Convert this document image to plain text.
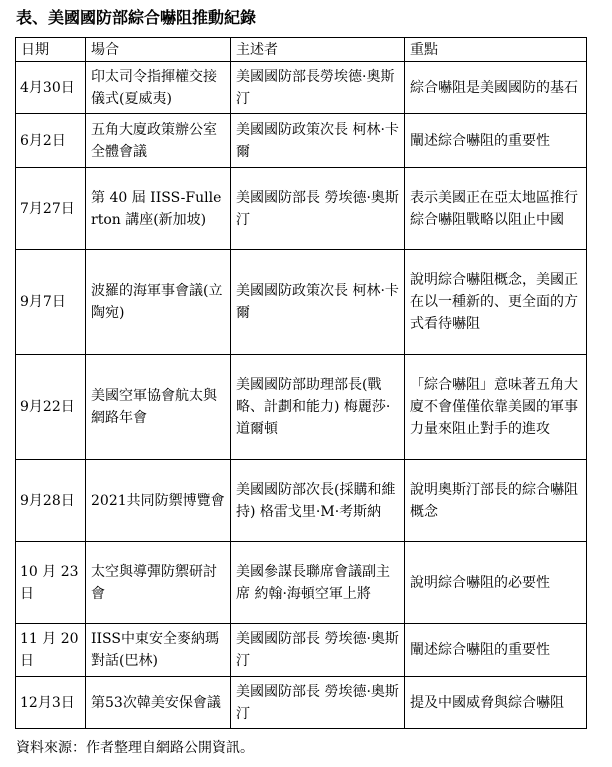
表、美國國防部綜合嚇阻推動紀錄
日期	場合	主述者	重點
4月30日	印太司令指揮權交接儀式(夏威夷)	美國國防部長勞埃德·奧斯汀	綜合嚇阻是美國國防的基石
6月2日	五角大廈政策辦公室全體會議	美國國防政策次長 柯林·卡爾	闡述綜合嚇阻的重要性
7月27日	第 40 屆 IISS-Fullerton 講座(新加坡)	美國國防部長 勞埃德·奧斯汀	表示美國正在亞太地區推行綜合嚇阻戰略以阻止中國
9月7日	波羅的海軍事會議(立陶宛)	美國國防政策次長 柯林·卡爾	說明綜合嚇阻概念，美國正在以一種新的、更全面的方式看待嚇阻
9月22日	美國空軍協會航太與網路年會	美國國防部助理部長(戰略、計劃和能力) 梅麗莎·道爾頓	「綜合嚇阻」意味著五角大廈不會僅僅依靠美國的軍事力量來阻止對手的進攻
9月28日	2021共同防禦博覽會	美國國防部次長(採購和維持) 格雷戈里·M·考斯納	說明奧斯汀部長的綜合嚇阻概念
10 月 23 日	太空與導彈防禦研討會	美國參謀長聯席會議副主席 約翰·海頓空軍上將	說明綜合嚇阻的必要性
11 月 20 日	IISS中東安全麥納瑪對話(巴林)	美國國防部長 勞埃德·奧斯汀	闡述綜合嚇阻的重要性
12月3日	第53次韓美安保會議	美國國防部長 勞埃德·奧斯汀	提及中國威脅與綜合嚇阻
資料來源：作者整理自網路公開資訊。
